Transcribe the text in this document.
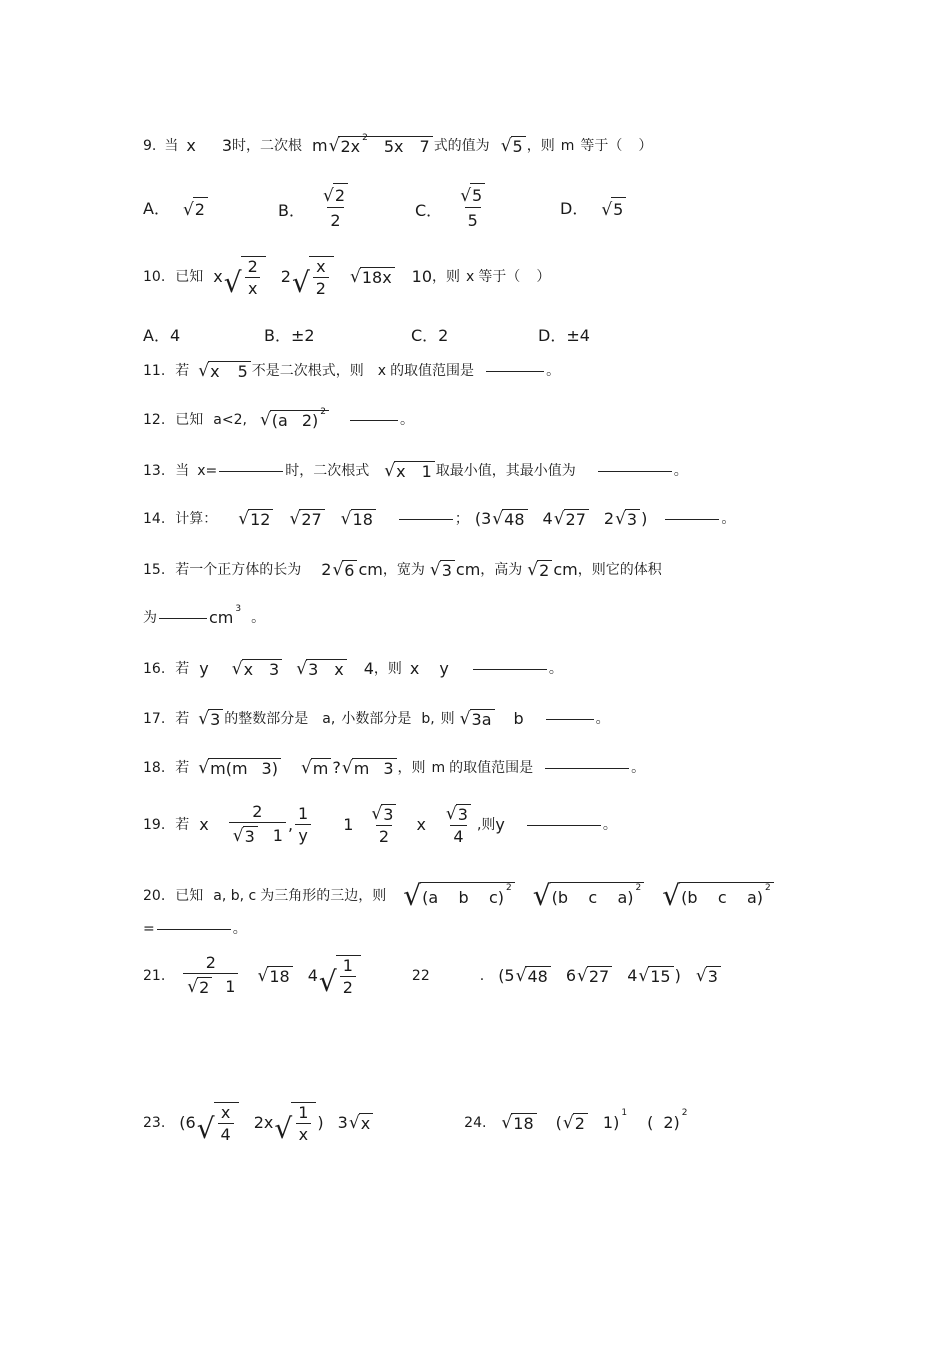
9. 当 x 3 时，二次根 m √ 2x 2 5x 7 式的值为 √ 5 ，则 m 等于（ ）
A． √ 2	B． $\frac{√ 2}{2}$	C． $\frac{√ 5}{5}$	D． √ 5
10. 已知 x √ $\frac{2}{x} 2$ √ $\frac{x}{2}$ √ 18x 10 ，则 x 等于（ ）
A．4	B．±2	C．2	D．±4
11. 若 √ x 5 不是二次根式，则 x 的取值范围是	。
12. 已知 a<2, √ (a 2) 2	。
13. 当 x=	时，二次根式 √ x 1 取最小值，其最小值为	。
14. 计算： √ 12 √ 27 √ 18	； (3 √ 48 4 √ 27 2 √ 3 )	。
15. 若一个正方体的长为 2 √ 6 cm ，宽为 √ 3 cm ，高为 √ 2 cm ，则它的体积
为	cm 3
。
16. 若 y √ x 3 √ 3 x 4 ，则 x y	。
17. 若 √ 3 的整数部分是 a, 小数部分是 b, 则 √ 3a b	。
18. 若 √ m(m 3) √ m ? √ m 3 ，则 m 的取值范围是	。
19. 若 x $\frac{2}{√ 3 1}$ , $\frac{1}{y} 1 \frac{√ 3}{2}$ x $\frac{√ 3}{4}$ ,则 y	。
20. 已知 a, b, c 为三角形的三边，则 √ (a    b    c) 2 √ (b    c    a) 2 √ (b    c    a) 2
=	。
21. $\frac{2}{√ 2 1}$ √ 18 4 √ $\frac{1}{2}$	22	. (5 √ 48 6 √ 27 4 √ 15 ) √ 3
23. (6 √ $\frac{x}{4} 2x$ √ $\frac{1}{x}$ ) 3 √ x	24. √ 18 ( √ 2 1) 1 ( 2) 2
